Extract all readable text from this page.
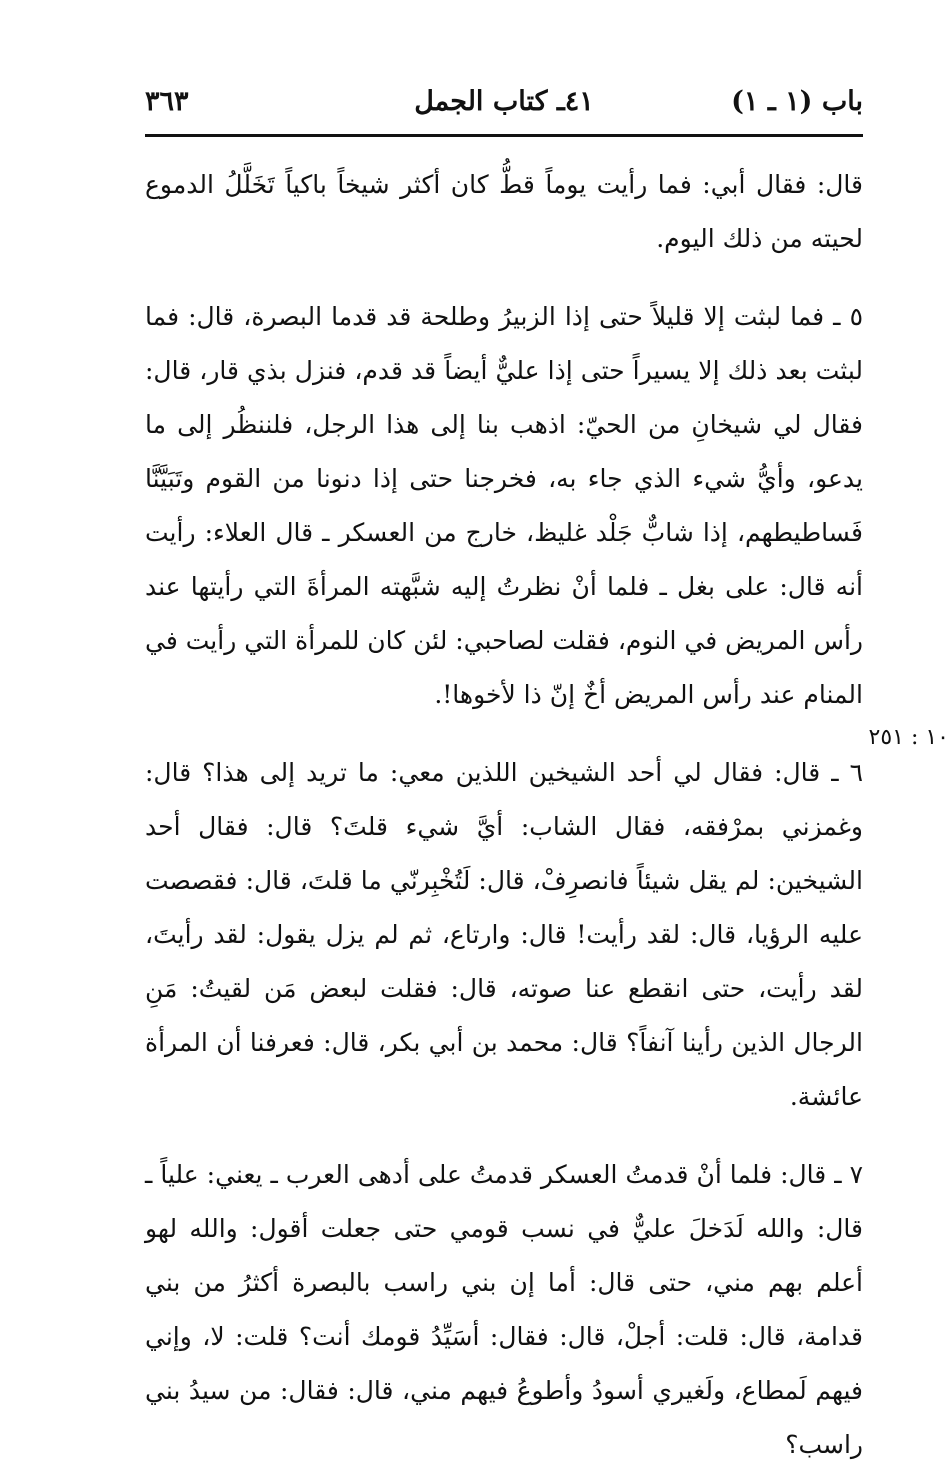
باب (١ ـ ١)
٤١ـ كتاب الجمل
٣٦٣
١٠ : ٢٥١

قال: فقال أبي: فما رأيت يوماً قطُّ كان أكثر شيخاً باكياً تَخَلَّلُ الدموع لحيته من ذلك اليوم.

٥ ـ فما لبثت إلا قليلاً حتى إذا الزبيرُ وطلحة قد قدما البصرة، قال: فما لبثت بعد ذلك إلا يسيراً حتى إذا عليٌّ أيضاً قد قدم، فنزل بذي قار، قال: فقال لي شيخانِ من الحيّ: اذهب بنا إلى هذا الرجل، فلننظُر إلى ما يدعو، وأيُّ شيء الذي جاء به، فخرجنا حتى إذا دنونا من القوم وتَبَيَّنَّا فَساطيطهم، إذا شابٌّ جَلْد غليظ، خارج من العسكر ـ قال العلاء: رأيت أنه قال: على بغل ـ فلما أنْ نظرتُ إليه شبَّهته المرأةَ التي رأيتها عند رأس المريض في النوم، فقلت لصاحبي: لئن كان للمرأة التي رأيت في المنام عند رأس المريض أخٌ إنّ ذا لأخوها!.

٦ ـ قال: فقال لي أحد الشيخين اللذين معي: ما تريد إلى هذا؟ قال: وغمزني بمرْفقه، فقال الشاب: أيَّ شيء قلتَ؟ قال: فقال أحد الشيخين: لم يقل شيئاً فانصرِفْ، قال: لَتُخْبِرنّي ما قلتَ، قال: فقصصت عليه الرؤيا، قال: لقد رأيت! قال: وارتاع، ثم لم يزل يقول: لقد رأيتَ، لقد رأيت، حتى انقطع عنا صوته، قال: فقلت لبعض مَن لقيتُ: مَنِ الرجال الذين رأينا آنفاً؟ قال: محمد بن أبي بكر، قال: فعرفنا أن المرأة عائشة.

٧ ـ قال: فلما أنْ قدمتُ العسكر قدمتُ على أدهى العرب ـ يعني: علياً ـ قال: والله لَدَخلَ عليٌّ في نسب قومي حتى جعلت أقول: والله لهو أعلم بهم مني، حتى قال: أما إن بني راسب بالبصرة أكثرُ من بني قدامة، قال: قلت: أجلْ، قال: فقال: أسَيِّدُ قومك أنت؟ قلت: لا، وإني فيهم لَمطاع، ولَغيري أسودُ وأطوعُ فيهم مني، قال: فقال: من سيدُ بني راسب؟
